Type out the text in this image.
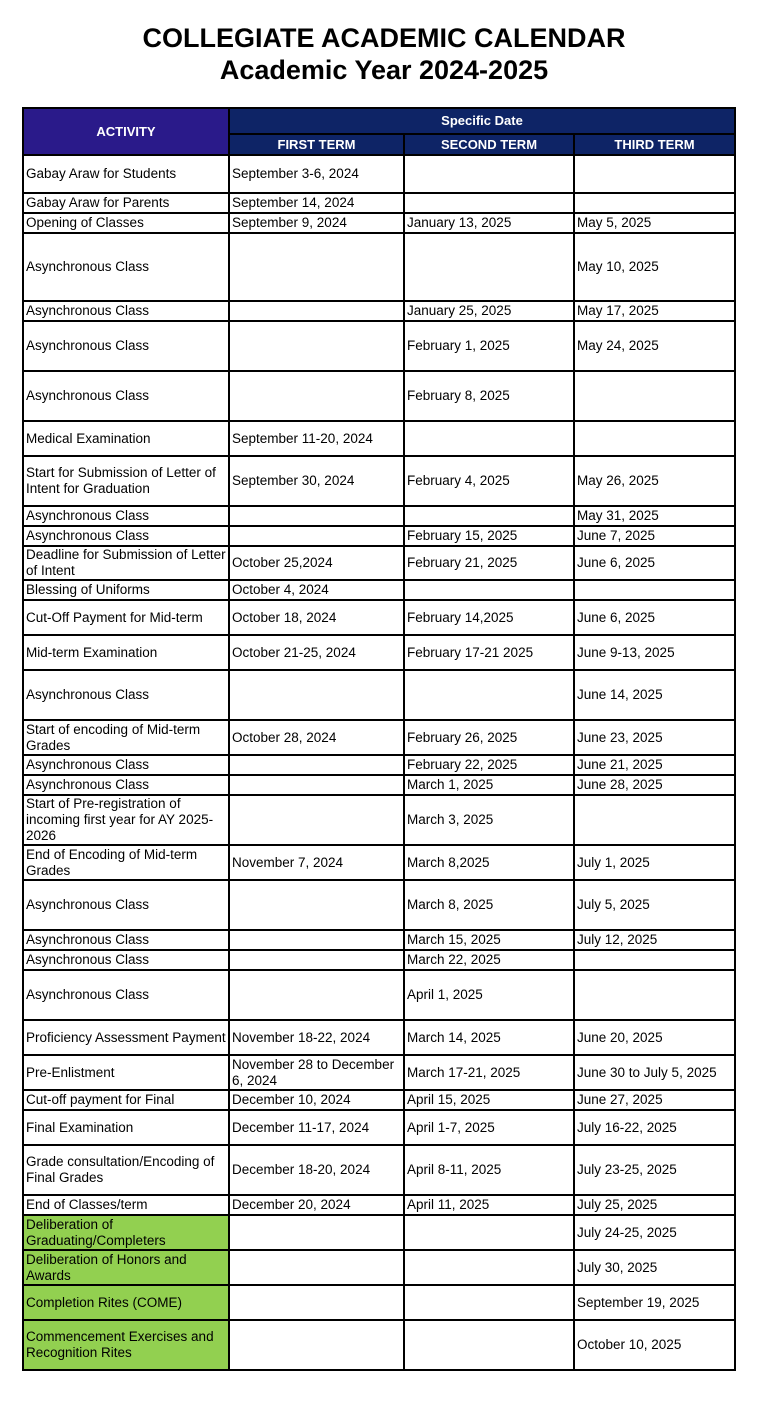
COLLEGIATE ACADEMIC CALENDAR

Academic Year 2024-2025

ACTIVITY	Specific Date		
	FIRST TERM	SECOND TERM	THIRD TERM
Gabay Araw for Students	September 3-6, 2024		
Gabay Araw for Parents	September 14, 2024		
Opening of Classes	September 9, 2024	January 13, 2025	May 5, 2025
Asynchronous Class			May 10, 2025
Asynchronous Class		January 25, 2025	May 17, 2025
Asynchronous Class		February 1, 2025	May 24, 2025
Asynchronous Class		February 8, 2025	
Medical Examination	September 11-20, 2024		
Start for Submission of Letter of Intent for Graduation	September 30, 2024	February 4, 2025	May 26, 2025
Asynchronous Class			May 31, 2025
Asynchronous Class		February 15, 2025	June 7, 2025
Deadline for Submission of Letter of Intent	October 25,2024	February 21, 2025	June 6, 2025
Blessing of Uniforms	October 4, 2024		
Cut-Off Payment for Mid-term	October 18, 2024	February 14,2025	June 6, 2025
Mid-term Examination	October 21-25, 2024	February 17-21 2025	June 9-13, 2025
Asynchronous Class			June 14, 2025
Start of encoding of Mid-term Grades	October 28, 2024	February 26, 2025	June 23, 2025
Asynchronous Class		February 22, 2025	June 21, 2025
Asynchronous Class		March 1, 2025	June 28, 2025
Start of Pre-registration of incoming first year for AY 2025-2026		March 3, 2025	
End of Encoding of Mid-term Grades	November 7, 2024	March 8,2025	July 1, 2025
Asynchronous Class		March 8, 2025	July 5, 2025
Asynchronous Class		March 15, 2025	July 12, 2025
Asynchronous Class		March 22, 2025	
Asynchronous Class		April 1, 2025	
Proficiency Assessment Payment	November 18-22, 2024	March 14, 2025	June 20, 2025
Pre-Enlistment	November 28 to December 6, 2024	March 17-21, 2025	June 30 to July 5, 2025
Cut-off payment for Final	December 10, 2024	April 15, 2025	June 27, 2025
Final Examination	December 11-17, 2024	April 1-7, 2025	July 16-22, 2025
Grade consultation/Encoding of Final Grades	December 18-20, 2024	April 8-11, 2025	July 23-25, 2025
End of Classes/term	December 20, 2024	April 11, 2025	July 25, 2025
Deliberation of Graduating/Completers			July 24-25, 2025
Deliberation of Honors and Awards			July 30, 2025
Completion Rites (COME)			September 19, 2025
Commencement Exercises and Recognition Rites			October 10, 2025
